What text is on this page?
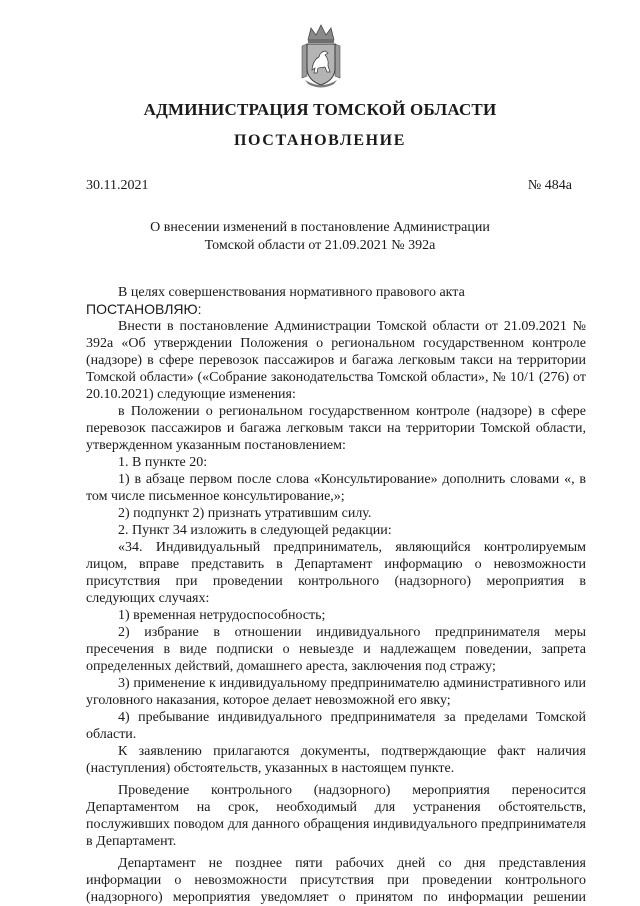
АДМИНИСТРАЦИЯ ТОМСКОЙ ОБЛАСТИ
ПОСТАНОВЛЕНИЕ
30.11.2021	№ 484а
О внесении изменений в постановление Администрации
Томской области от 21.09.2021 № 392а

В целях совершенствования нормативного правового акта

ПОСТАНОВЛЯЮ:

Внести в постановление Администрации Томской области от 21.09.2021 № 392а «Об утверждении Положения о региональном государственном контроле (надзоре) в сфере перевозок пассажиров и багажа легковым такси на территории Томской области» («Собрание законодательства Томской области», № 10/1 (276) от 20.10.2021) следующие изменения:

в Положении о региональном государственном контроле (надзоре) в сфере перевозок пассажиров и багажа легковым такси на территории Томской области, утвержденном указанным постановлением:

1. В пункте 20:

1) в абзаце первом после слова «Консультирование» дополнить словами «, в том числе письменное консультирование,»;

2) подпункт 2) признать утратившим силу.

2. Пункт 34 изложить в следующей редакции:

«34. Индивидуальный предприниматель, являющийся контролируемым лицом, вправе представить в Департамент информацию о невозможности присутствия при проведении контрольного (надзорного) мероприятия в следующих случаях:

1) временная нетрудоспособность;

2) избрание в отношении индивидуального предпринимателя меры пресечения в виде подписки о невыезде и надлежащем поведении, запрета определенных действий, домашнего ареста, заключения под стражу;

3) применение к индивидуальному предпринимателю административного или уголовного наказания, которое делает невозможной его явку;

4) пребывание индивидуального предпринимателя за пределами Томской области.

К заявлению прилагаются документы, подтверждающие факт наличия (наступления) обстоятельств, указанных в настоящем пункте.

Проведение контрольного (надзорного) мероприятия переносится Департаментом на срок, необходимый для устранения обстоятельств, послуживших поводом для данного обращения индивидуального предпринимателя в Департамент.

Департамент не позднее пяти рабочих дней со дня представления информации о невозможности присутствия при проведении контрольного (надзорного) мероприятия уведомляет о принятом по информации решении
